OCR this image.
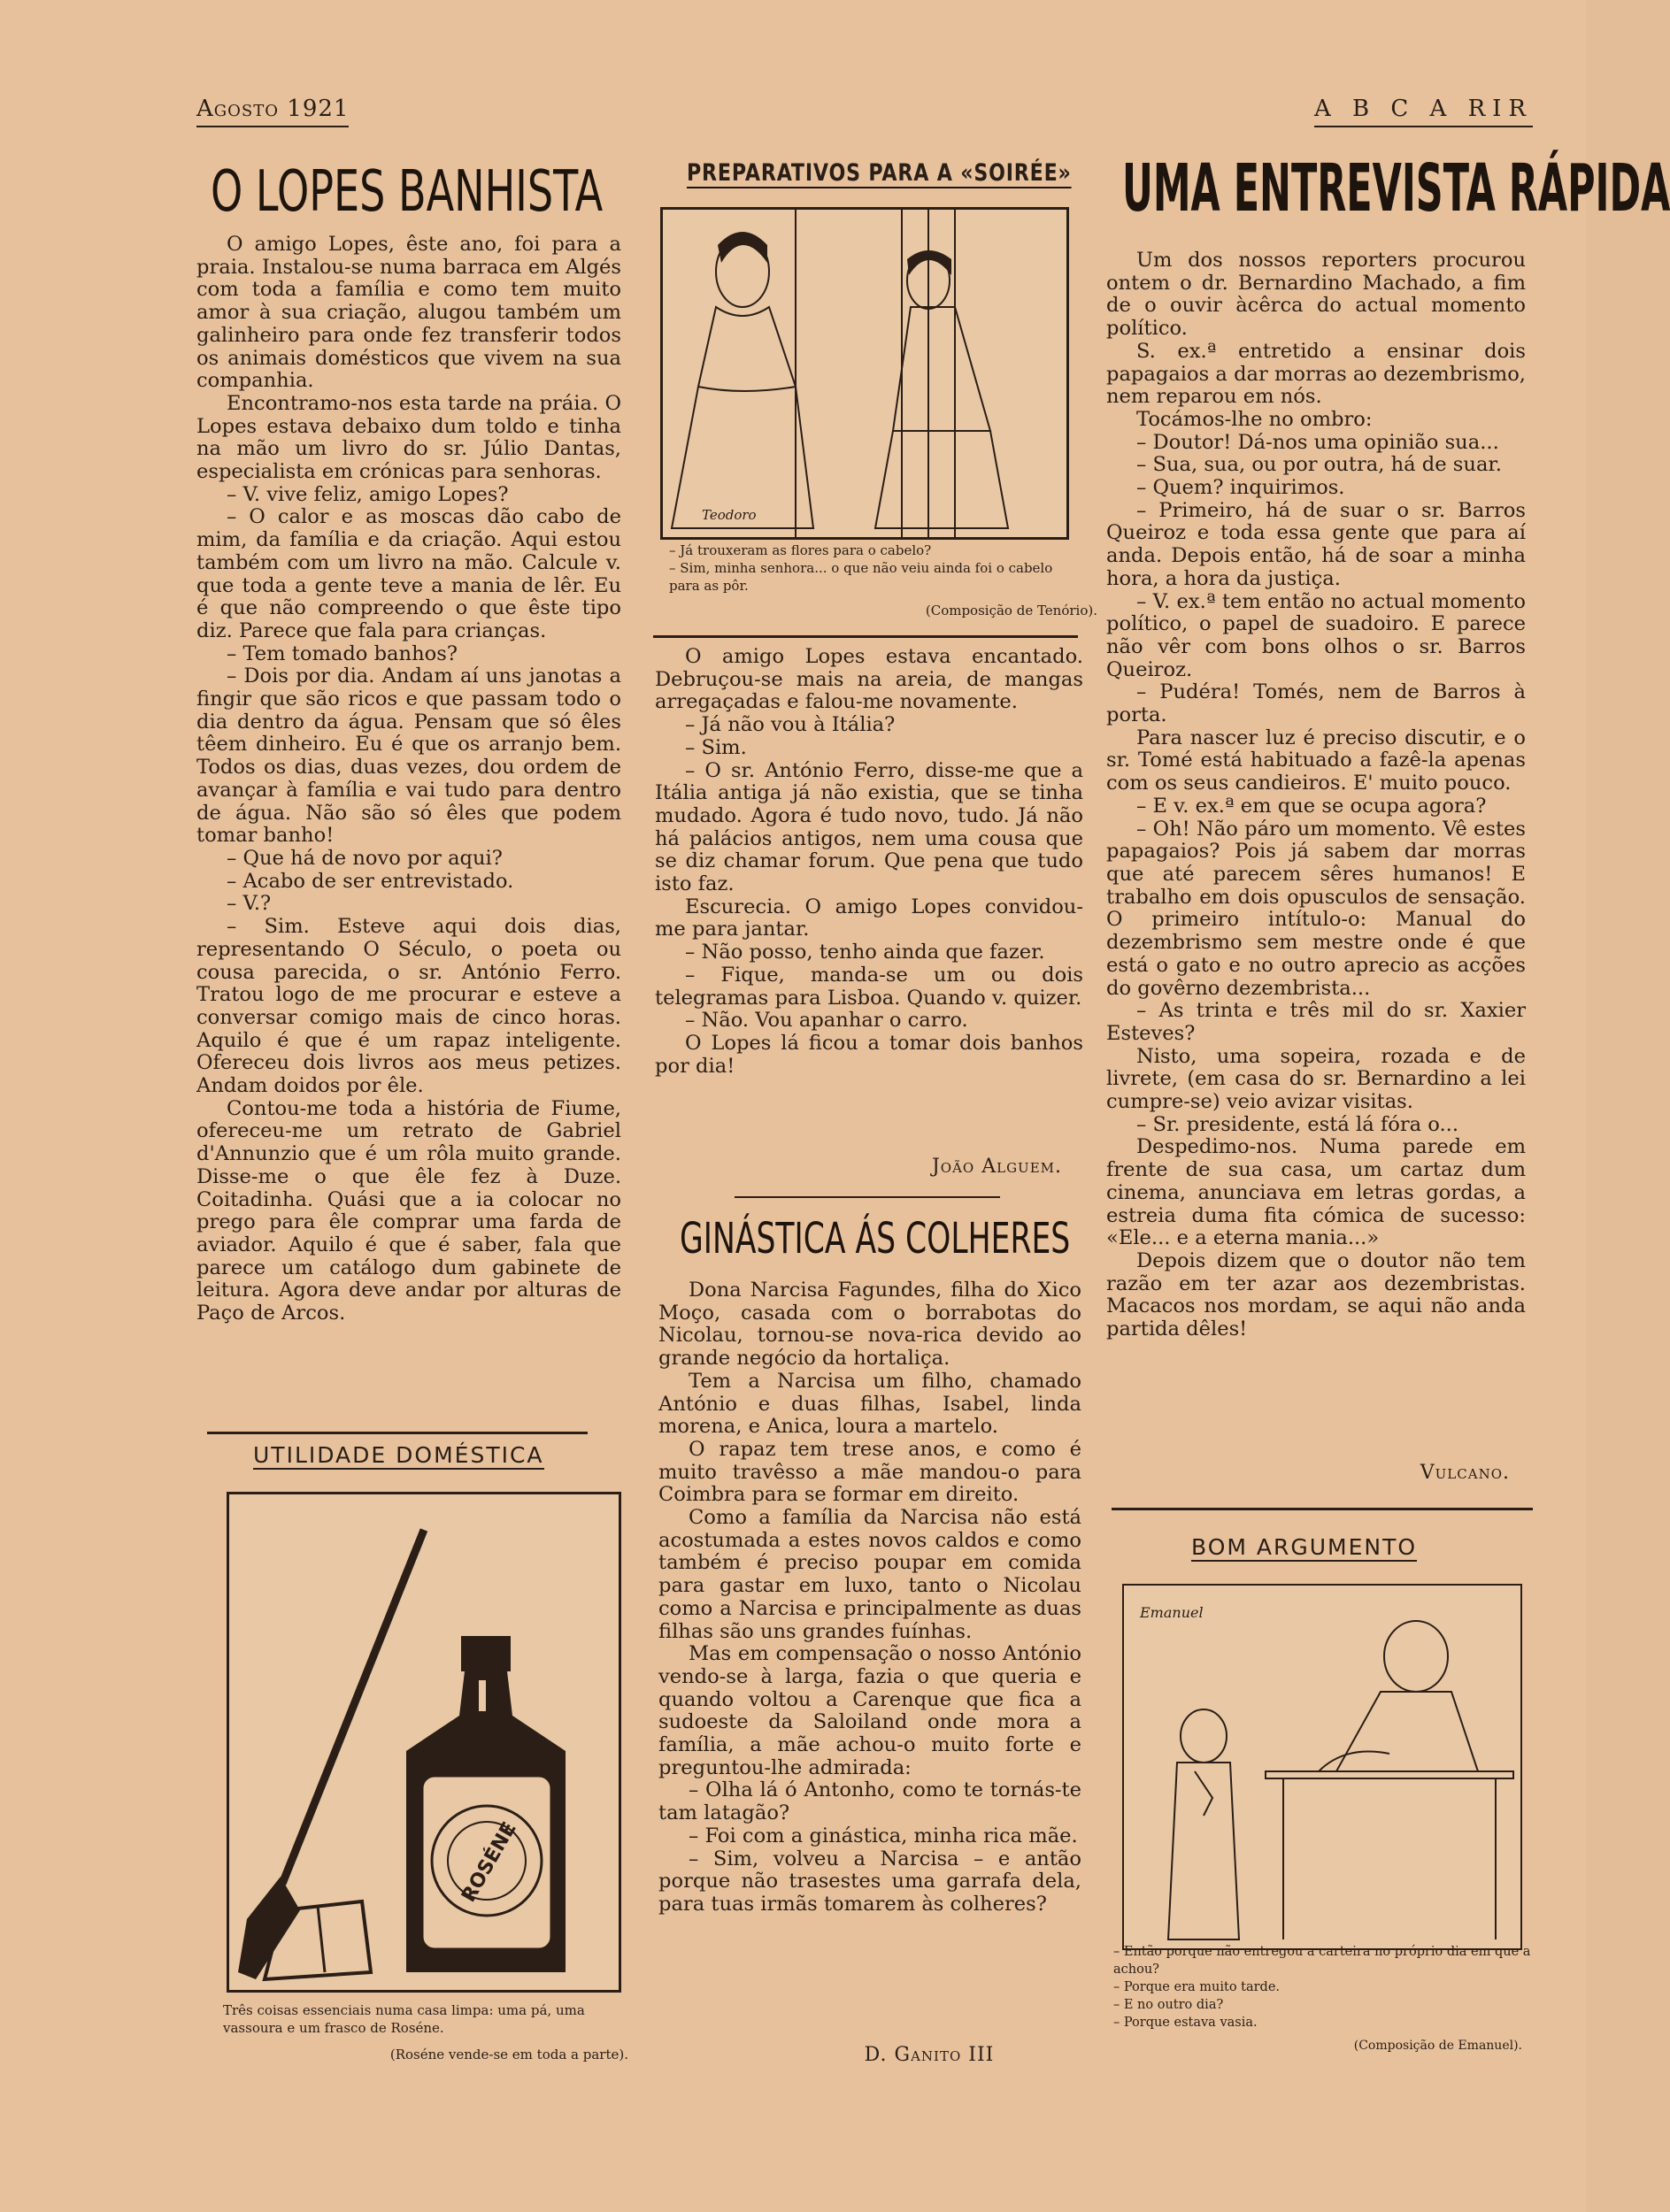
Agosto 1921	A B C A RIR
O LOPES BANHISTA

O amigo Lopes, êste ano, foi para a praia. Instalou-se numa barraca em Algés com toda a família e como tem muito amor à sua criação, alugou também um galinheiro para onde fez transferir todos os animais domésticos que vivem na sua companhia.

Encontramo-nos esta tarde na práia. O Lopes estava debaixo dum toldo e tinha na mão um livro do sr. Júlio Dantas, especialista em crónicas para senhoras.

– V. vive feliz, amigo Lopes?

– O calor e as moscas dão cabo de mim, da família e da criação. Aqui estou também com um livro na mão. Calcule v. que toda a gente teve a mania de lêr. Eu é que não compreendo o que êste tipo diz. Parece que fala para crianças.

– Tem tomado banhos?

– Dois por dia. Andam aí uns janotas a fingir que são ricos e que passam todo o dia dentro da água. Pensam que só êles têem dinheiro. Eu é que os arranjo bem. Todos os dias, duas vezes, dou ordem de avançar à família e vai tudo para dentro de água. Não são só êles que podem tomar banho!

– Que há de novo por aqui?

– Acabo de ser entrevistado.

– V.?

– Sim. Esteve aqui dois dias, representando O Século, o poeta ou cousa parecida, o sr. António Ferro. Tratou logo de me procurar e esteve a conversar comigo mais de cinco horas. Aquilo é que é um rapaz inteligente. Ofereceu dois livros aos meus petizes. Andam doidos por êle.

Contou-me toda a história de Fiume, ofereceu-me um retrato de Gabriel d'Annunzio que é um rôla muito grande. Disse-me o que êle fez à Duze. Coitadinha. Quási que a ia colocar no prego para êle comprar uma farda de aviador. Aquilo é que é saber, fala que parece um catálogo dum gabinete de leitura. Agora deve andar por alturas de Paço de Arcos.

UTILIDADE DOMÉSTICA
ROSÉNE
Três coisas essenciais numa casa limpa: uma pá, uma vassoura e um frasco de Roséne.
(Roséne vende-se em toda a parte).
PREPARATIVOS PARA A «SOIRÉE»
Teodoro
– Já trouxeram as flores para o cabelo?
– Sim, minha senhora... o que não veiu ainda foi o cabelo para as pôr.
(Composição de Tenório).

O amigo Lopes estava encantado. Debruçou-se mais na areia, de mangas arregaçadas e falou-me novamente.

– Já não vou à Itália?

– Sim.

– O sr. António Ferro, disse-me que a Itália antiga já não existia, que se tinha mudado. Agora é tudo novo, tudo. Já não há palácios antigos, nem uma cousa que se diz chamar forum. Que pena que tudo isto faz.

Escurecia. O amigo Lopes convidou-me para jantar.

– Não posso, tenho ainda que fazer.

– Fique, manda-se um ou dois telegramas para Lisboa. Quando v. quizer.

– Não. Vou apanhar o carro.

O Lopes lá ficou a tomar dois banhos por dia!

João Alguem.
GINÁSTICA ÁS COLHERES

Dona Narcisa Fagundes, filha do Xico Moço, casada com o borrabotas do Nicolau, tornou-se nova-rica devido ao grande negócio da hortaliça.

Tem a Narcisa um filho, chamado António e duas filhas, Isabel, linda morena, e Anica, loura a martelo.

O rapaz tem trese anos, e como é muito travêsso a mãe mandou-o para Coimbra para se formar em direito.

Como a família da Narcisa não está acostumada a estes novos caldos e como também é preciso poupar em comida para gastar em luxo, tanto o Nicolau como a Narcisa e principalmente as duas filhas são uns grandes fuínhas.

Mas em compensação o nosso António vendo-se à larga, fazia o que queria e quando voltou a Carenque que fica a sudoeste da Saloiland onde mora a família, a mãe achou-o muito forte e preguntou-lhe admirada:

– Olha lá ó Antonho, como te tornás-te tam latagão?

– Foi com a ginástica, minha rica mãe.

– Sim, volveu a Narcisa – e antão porque não trasestes uma garrafa dela, para tuas irmãs tomarem às colheres?

D. Ganito III
UMA ENTREVISTA RÁPIDA

Um dos nossos reporters procurou ontem o dr. Bernardino Machado, a fim de o ouvir àcêrca do actual momento político.

S. ex.ª entretido a ensinar dois papagaios a dar morras ao dezembrismo, nem reparou em nós.

Tocámos-lhe no ombro:

– Doutor! Dá-nos uma opinião sua...

– Sua, sua, ou por outra, há de suar.

– Quem? inquirimos.

– Primeiro, há de suar o sr. Barros Queiroz e toda essa gente que para aí anda. Depois então, há de soar a minha hora, a hora da justiça.

– V. ex.ª tem então no actual momento político, o papel de suadoiro. E parece não vêr com bons olhos o sr. Barros Queiroz.

– Pudéra! Tomés, nem de Barros à porta.

Para nascer luz é preciso discutir, e o sr. Tomé está habituado a fazê-la apenas com os seus candieiros. E' muito pouco.

– E v. ex.ª em que se ocupa agora?

– Oh! Não páro um momento. Vê estes papagaios? Pois já sabem dar morras que até parecem sêres humanos! E trabalho em dois opusculos de sensação. O primeiro intítulo-o: Manual do dezembrismo sem mestre onde é que está o gato e no outro aprecio as acções do govêrno dezembrista...

– As trinta e três mil do sr. Xaxier Esteves?

Nisto, uma sopeira, rozada e de livrete, (em casa do sr. Bernardino a lei cumpre-se) veio avizar visitas.

– Sr. presidente, está lá fóra o...

Despedimo-nos. Numa parede em frente de sua casa, um cartaz dum cinema, anunciava em letras gordas, a estreia duma fita cómica de sucesso: «Ele... e a eterna mania...»

Depois dizem que o doutor não tem razão em ter azar aos dezembristas. Macacos nos mordam, se aqui não anda partida dêles!

Vulcano.
BOM ARGUMENTO
Emanuel
– Então porque não entregou a carteira no próprio dia em que a achou?
– Porque era muito tarde.
– E no outro dia?
– Porque estava vasia.
(Composição de Emanuel).
